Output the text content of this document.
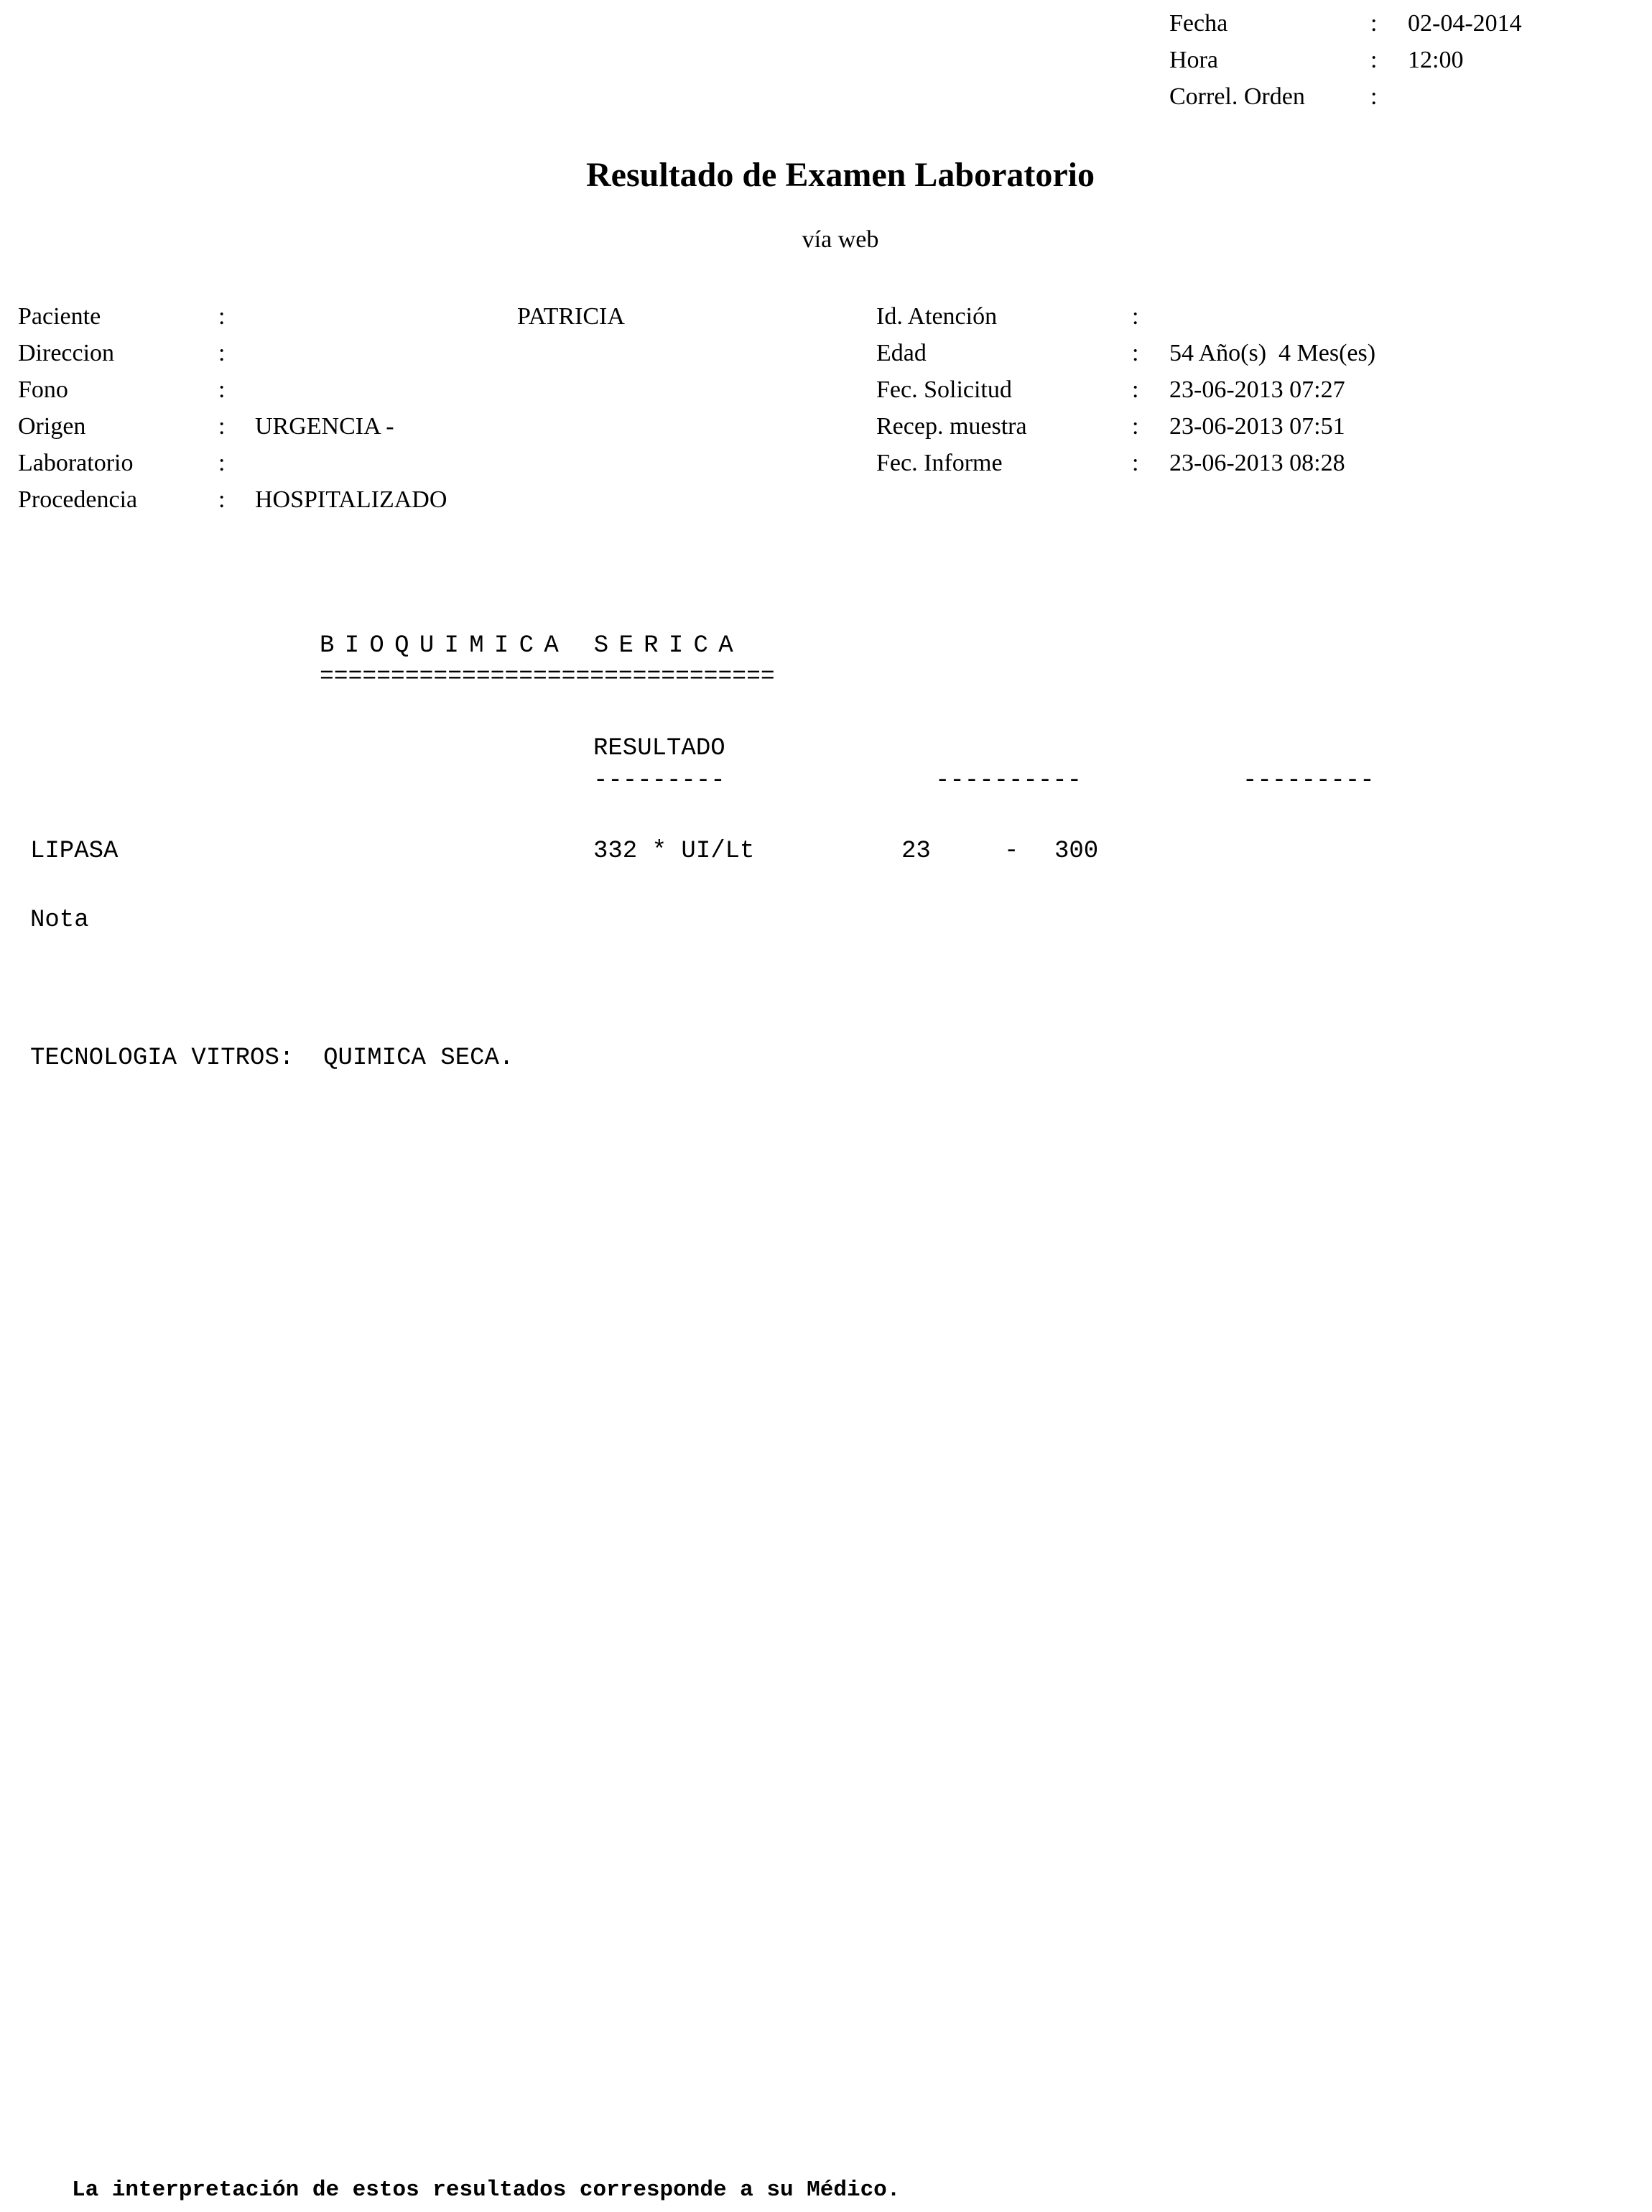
Fecha	: 02-04-2014
Hora	: 12:00
Correl. Orden	:
Resultado de Examen Laboratorio
vía web
Paciente	:	PATRICIA
Direccion	:
Fono	:
Origen	: URGENCIA -
Laboratorio	:
Procedencia	: HOSPITALIZADO
Id. Atención	:
Edad	: 54 Año(s)  4 Mes(es)
Fec. Solicitud	: 23-06-2013 07:27
Recep. muestra	: 23-06-2013 07:51
Fec. Informe	: 23-06-2013 08:28
BIOQUIMICA SERICA
================================
RESULTADO
---------	----------	---------
LIPASA	332 * UI/Lt	23	- 300
Nota
TECNOLOGIA VITROS:  QUIMICA SECA.
La interpretación de estos resultados corresponde a su Médico.
